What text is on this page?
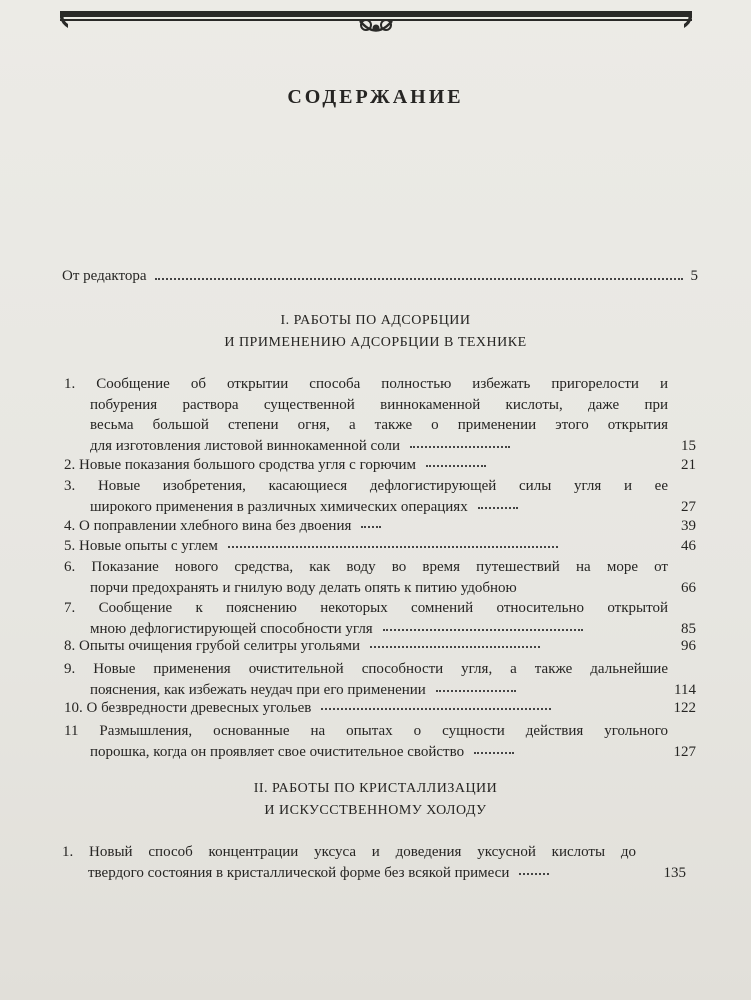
СОДЕРЖАНИЕ
От редактора	5
I. РАБОТЫ ПО АДСОРБЦИИ
И ПРИМЕНЕНИЮ АДСОРБЦИИ В ТЕХНИКЕ
1. Сообщение об открытии способа полностью избежать пригорелости и
побурения раствора существенной виннокаменной кислоты, даже при
весьма большой степени огня, а также о применении этого открытия
для изготовления листовой виннокаменной соли	15
2. Новые показания большого сродства угля с горючим	21
3. Новые изобретения, касающиеся дефлогистирующей силы угля и ее
широкого применения в различных химических операциях	27
4. О поправлении хлебного вина без двоения	39
5. Новые опыты с углем	46
6. Показание нового средства, как воду во время путешествий на море от
порчи предохранять и гнилую воду делать опять к питию удобною	66
7. Сообщение к пояснению некоторых сомнений относительно открытой
мною дефлогистирующей способности угля	85
8. Опыты очищения грубой селитры угольями	96
9. Новые применения очистительной способности угля, а также дальнейшие
пояснения, как избежать неудач при его применении	114
10. О безвредности древесных угольев	122
11 Размышления, основанные на опытах о сущности действия угольного
порошка, когда он проявляет свое очистительное свойство	127
II. РАБОТЫ ПО КРИСТАЛЛИЗАЦИИ
И ИСКУССТВЕННОМУ ХОЛОДУ
1. Новый способ концентрации уксуса и доведения уксусной кислоты до
твердого состояния в кристаллической форме без всякой примеси	135
